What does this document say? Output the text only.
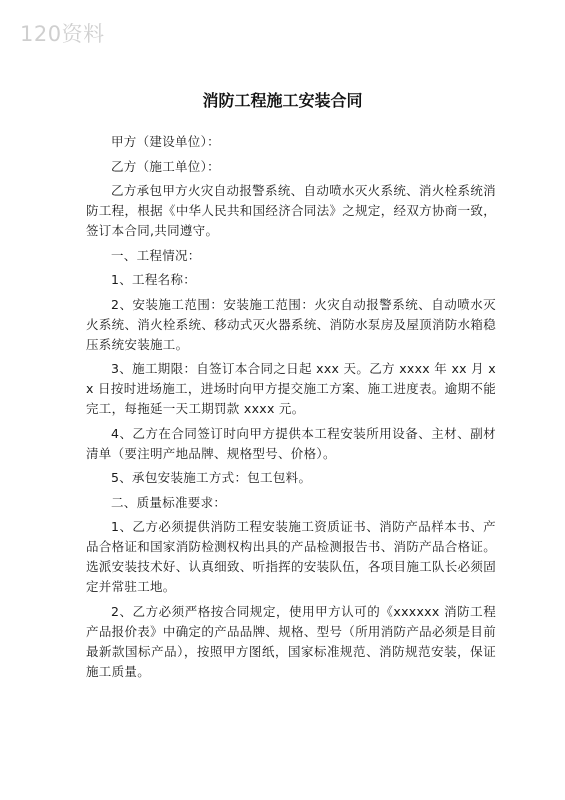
120资料
消防工程施工安装合同

甲方（建设单位）：

乙方（施工单位）：

乙方承包甲方火灾自动报警系统、自动喷水灭火系统、消火栓系统消防工程，根据《中华人民共和国经济合同法》之规定，经双方协商一致，签订本合同,共同遵守。

一、工程情况：

1、工程名称：

2、安装施工范围：安装施工范围：火灾自动报警系统、自动喷水灭火系统、消火栓系统、移动式灭火器系统、消防水泵房及屋顶消防水箱稳压系统安装施工。

3、施工期限：自签订本合同之日起 xxx 天。乙方 xxxx 年 xx 月 xx 日按时进场施工，进场时向甲方提交施工方案、施工进度表。逾期不能完工，每拖延一天工期罚款 xxxx 元。

4、乙方在合同签订时向甲方提供本工程安装所用设备、主材、副材清单（要注明产地品牌、规格型号、价格）。

5、承包安装施工方式：包工包料。

二、质量标准要求：

1、乙方必须提供消防工程安装施工资质证书、消防产品样本书、产品合格证和国家消防检测权构出具的产品检测报告书、消防产品合格证。选派安装技术好、认真细致、听指挥的安装队伍，各项目施工队长必须固定并常驻工地。

2、乙方必须严格按合同规定，使用甲方认可的《xxxxxx 消防工程产品报价表》中确定的产品品牌、规格、型号（所用消防产品必须是目前最新款国标产品），按照甲方图纸，国家标准规范、消防规范安装，保证施工质量。
